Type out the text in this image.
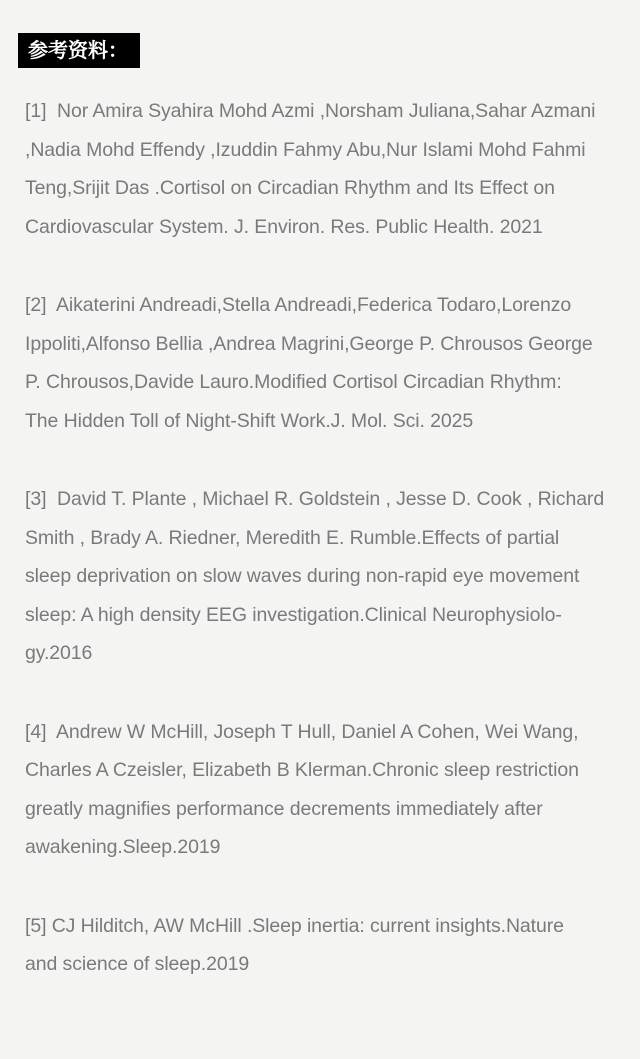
参考资料：
[1]  Nor Amira Syahira Mohd Azmi ,Norsham Juliana,Sahar Azmani
,Nadia Mohd Effendy ,Izuddin Fahmy Abu,Nur Islami Mohd Fahmi
Teng,Srijit Das .Cortisol on Circadian Rhythm and Its Effect on
Cardiovascular System. J. Environ. Res. Public Health. 2021
[2]  Aikaterini Andreadi,Stella Andreadi,Federica Todaro,Lorenzo
Ippoliti,Alfonso Bellia ,Andrea Magrini,George P. Chrousos George
P. Chrousos,Davide Lauro.Modified Cortisol Circadian Rhythm:
The Hidden Toll of Night-Shift Work.J. Mol. Sci. 2025
[3]  David T. Plante , Michael R. Goldstein , Jesse D. Cook , Richard
Smith , Brady A. Riedner, Meredith E. Rumble.Effects of partial
sleep deprivation on slow waves during non-rapid eye movement
sleep: A high density EEG investigation.Clinical Neurophysiolo-
gy.2016
[4]  Andrew W McHill, Joseph T Hull, Daniel A Cohen, Wei Wang,
Charles A Czeisler, Elizabeth B Klerman.Chronic sleep restriction
greatly magnifies performance decrements immediately after
awakening.Sleep.2019
[5] CJ Hilditch, AW McHill .Sleep inertia: current insights.Nature
and science of sleep.2019
